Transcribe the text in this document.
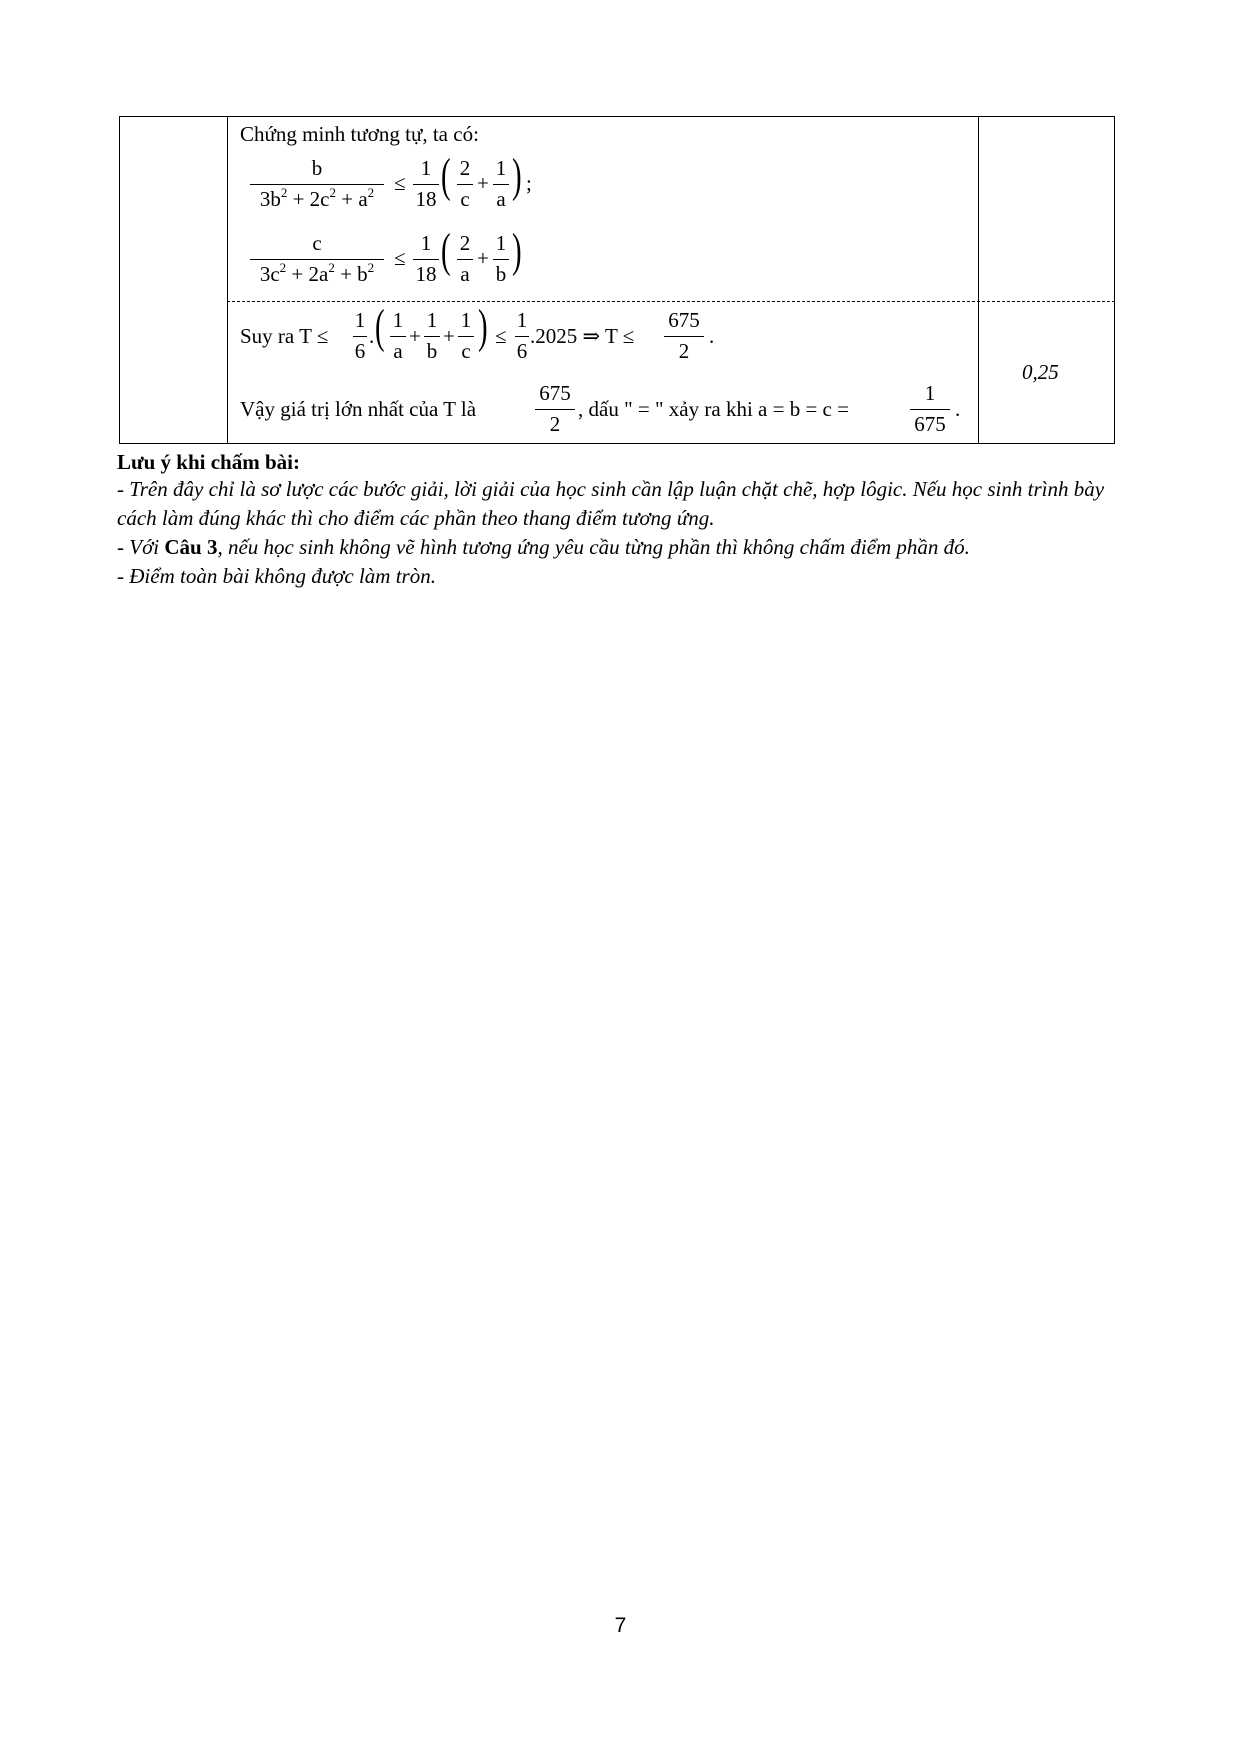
Chứng minh tương tự, ta có:
b
$3b^2 + 2c^2 + a^2$ ≤
1
18 ( 2
c
+
1
a ) ;
c
$3c^2 + 2a^2 + b^2$ ≤
1
18 ( 2
a
+
1
b )
Suy ra T ≤
1
6
. ( 1
a
+
1
b
+
1
c ) ≤
1
6
.2025 ⇒ T ≤
675
2
.
Vậy giá trị lớn nhất của T là
675
2
, dấu " = " xảy ra khi a = b = c =
1
675
.
0,25
Lưu ý khi chấm bài:
- Trên đây chỉ là sơ lược các bước giải, lời giải của học sinh cần lập luận chặt chẽ, hợp lôgic. Nếu học sinh trình bày cách làm đúng khác thì cho điểm các phần theo thang điểm tương ứng.
- Với Câu 3, nếu học sinh không vẽ hình tương ứng yêu cầu từng phần thì không chấm điểm phần đó.
- Điểm toàn bài không được làm tròn.
7
